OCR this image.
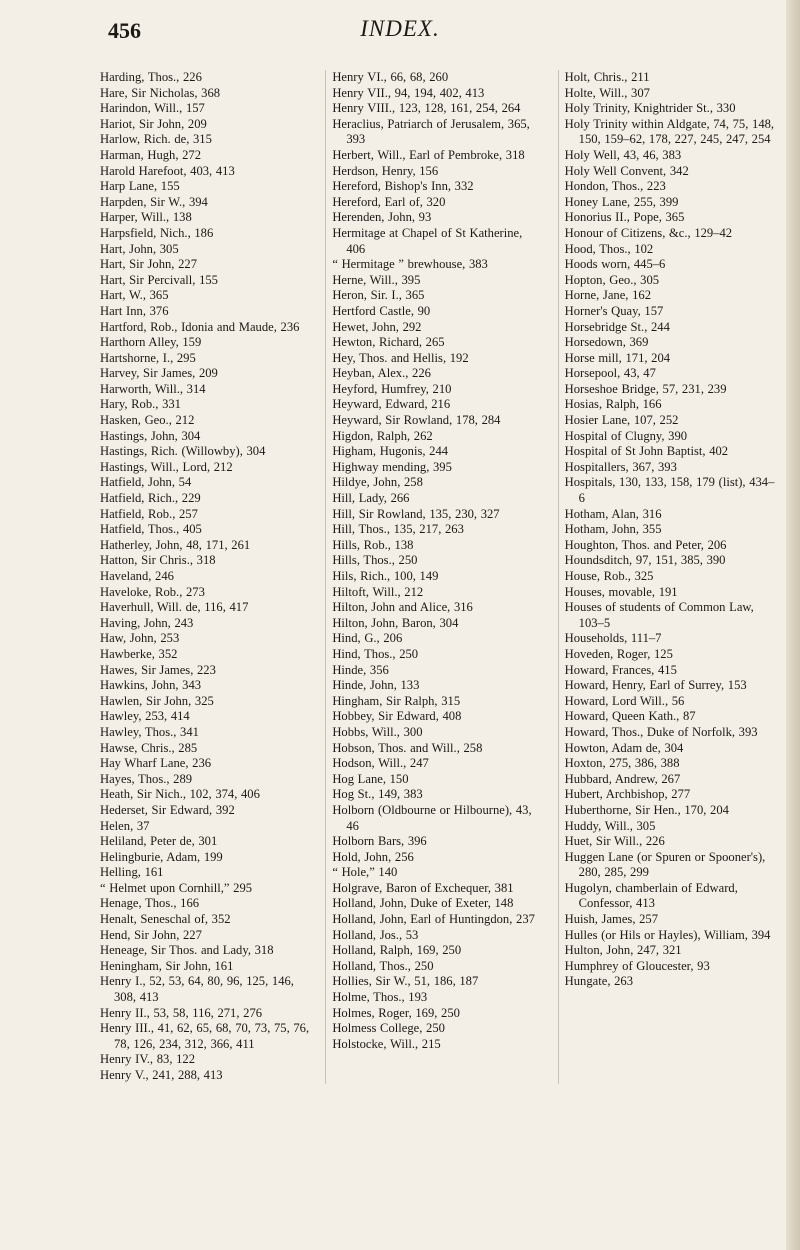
456	INDEX.

Harding, Thos., 226

Hare, Sir Nicholas, 368

Harindon, Will., 157

Hariot, Sir John, 209

Harlow, Rich. de, 315

Harman, Hugh, 272

Harold Harefoot, 403, 413

Harp Lane, 155

Harpden, Sir W., 394

Harper, Will., 138

Harpsfield, Nich., 186

Hart, John, 305

Hart, Sir John, 227

Hart, Sir Percivall, 155

Hart, W., 365

Hart Inn, 376

Hartford, Rob., Idonia and Maude, 236

Harthorn Alley, 159

Hartshorne, I., 295

Harvey, Sir James, 209

Harworth, Will., 314

Hary, Rob., 331

Hasken, Geo., 212

Hastings, John, 304

Hastings, Rich. (Willowby), 304

Hastings, Will., Lord, 212

Hatfield, John, 54

Hatfield, Rich., 229

Hatfield, Rob., 257

Hatfield, Thos., 405

Hatherley, John, 48, 171, 261

Hatton, Sir Chris., 318

Haveland, 246

Haveloke, Rob., 273

Haverhull, Will. de, 116, 417

Having, John, 243

Haw, John, 253

Hawberke, 352

Hawes, Sir James, 223

Hawkins, John, 343

Hawlen, Sir John, 325

Hawley, 253, 414

Hawley, Thos., 341

Hawse, Chris., 285

Hay Wharf Lane, 236

Hayes, Thos., 289

Heath, Sir Nich., 102, 374, 406

Hederset, Sir Edward, 392

Helen, 37

Heliland, Peter de, 301

Helingburie, Adam, 199

Helling, 161

“ Helmet upon Cornhill,” 295

Henage, Thos., 166

Henalt, Seneschal of, 352

Hend, Sir John, 227

Heneage, Sir Thos. and Lady, 318

Heningham, Sir John, 161

Henry I., 52, 53, 64, 80, 96, 125, 146, 308, 413

Henry II., 53, 58, 116, 271, 276

Henry III., 41, 62, 65, 68, 70, 73, 75, 76, 78, 126, 234, 312, 366, 411

Henry IV., 83, 122

Henry V., 241, 288, 413

Henry VI., 66, 68, 260

Henry VII., 94, 194, 402, 413

Henry VIII., 123, 128, 161, 254, 264

Heraclius, Patriarch of Jerusalem, 365, 393

Herbert, Will., Earl of Pembroke, 318

Herdson, Henry, 156

Hereford, Bishop's Inn, 332

Hereford, Earl of, 320

Herenden, John, 93

Hermitage at Chapel of St Katherine, 406

“ Hermitage ” brewhouse, 383

Herne, Will., 395

Heron, Sir. I., 365

Hertford Castle, 90

Hewet, John, 292

Hewton, Richard, 265

Hey, Thos. and Hellis, 192

Heyban, Alex., 226

Heyford, Humfrey, 210

Heyward, Edward, 216

Heyward, Sir Rowland, 178, 284

Higdon, Ralph, 262

Higham, Hugonis, 244

Highway mending, 395

Hildye, John, 258

Hill, Lady, 266

Hill, Sir Rowland, 135, 230, 327

Hill, Thos., 135, 217, 263

Hills, Rob., 138

Hills, Thos., 250

Hils, Rich., 100, 149

Hiltoft, Will., 212

Hilton, John and Alice, 316

Hilton, John, Baron, 304

Hind, G., 206

Hind, Thos., 250

Hinde, 356

Hinde, John, 133

Hingham, Sir Ralph, 315

Hobbey, Sir Edward, 408

Hobbs, Will., 300

Hobson, Thos. and Will., 258

Hodson, Will., 247

Hog Lane, 150

Hog St., 149, 383

Holborn (Oldbourne or Hilbourne), 43, 46

Holborn Bars, 396

Hold, John, 256

“ Hole,” 140

Holgrave, Baron of Exchequer, 381

Holland, John, Duke of Exeter, 148

Holland, John, Earl of Huntingdon, 237

Holland, Jos., 53

Holland, Ralph, 169, 250

Holland, Thos., 250

Hollies, Sir W., 51, 186, 187

Holme, Thos., 193

Holmes, Roger, 169, 250

Holmess College, 250

Holstocke, Will., 215

Holt, Chris., 211

Holte, Will., 307

Holy Trinity, Knightrider St., 330

Holy Trinity within Aldgate, 74, 75, 148, 150, 159–62, 178, 227, 245, 247, 254

Holy Well, 43, 46, 383

Holy Well Convent, 342

Hondon, Thos., 223

Honey Lane, 255, 399

Honorius II., Pope, 365

Honour of Citizens, &c., 129–42

Hood, Thos., 102

Hoods worn, 445–6

Hopton, Geo., 305

Horne, Jane, 162

Horner's Quay, 157

Horsebridge St., 244

Horsedown, 369

Horse mill, 171, 204

Horsepool, 43, 47

Horseshoe Bridge, 57, 231, 239

Hosias, Ralph, 166

Hosier Lane, 107, 252

Hospital of Clugny, 390

Hospital of St John Baptist, 402

Hospitallers, 367, 393

Hospitals, 130, 133, 158, 179 (list), 434–6

Hotham, Alan, 316

Hotham, John, 355

Houghton, Thos. and Peter, 206

Houndsditch, 97, 151, 385, 390

House, Rob., 325

Houses, movable, 191

Houses of students of Common Law, 103–5

Households, 111–7

Hoveden, Roger, 125

Howard, Frances, 415

Howard, Henry, Earl of Surrey, 153

Howard, Lord Will., 56

Howard, Queen Kath., 87

Howard, Thos., Duke of Norfolk, 393

Howton, Adam de, 304

Hoxton, 275, 386, 388

Hubbard, Andrew, 267

Hubert, Archbishop, 277

Huberthorne, Sir Hen., 170, 204

Huddy, Will., 305

Huet, Sir Will., 226

Huggen Lane (or Spuren or Spooner's), 280, 285, 299

Hugolyn, chamberlain of Edward, Confessor, 413

Huish, James, 257

Hulles (or Hils or Hayles), William, 394

Hulton, John, 247, 321

Humphrey of Gloucester, 93

Hungate, 263
